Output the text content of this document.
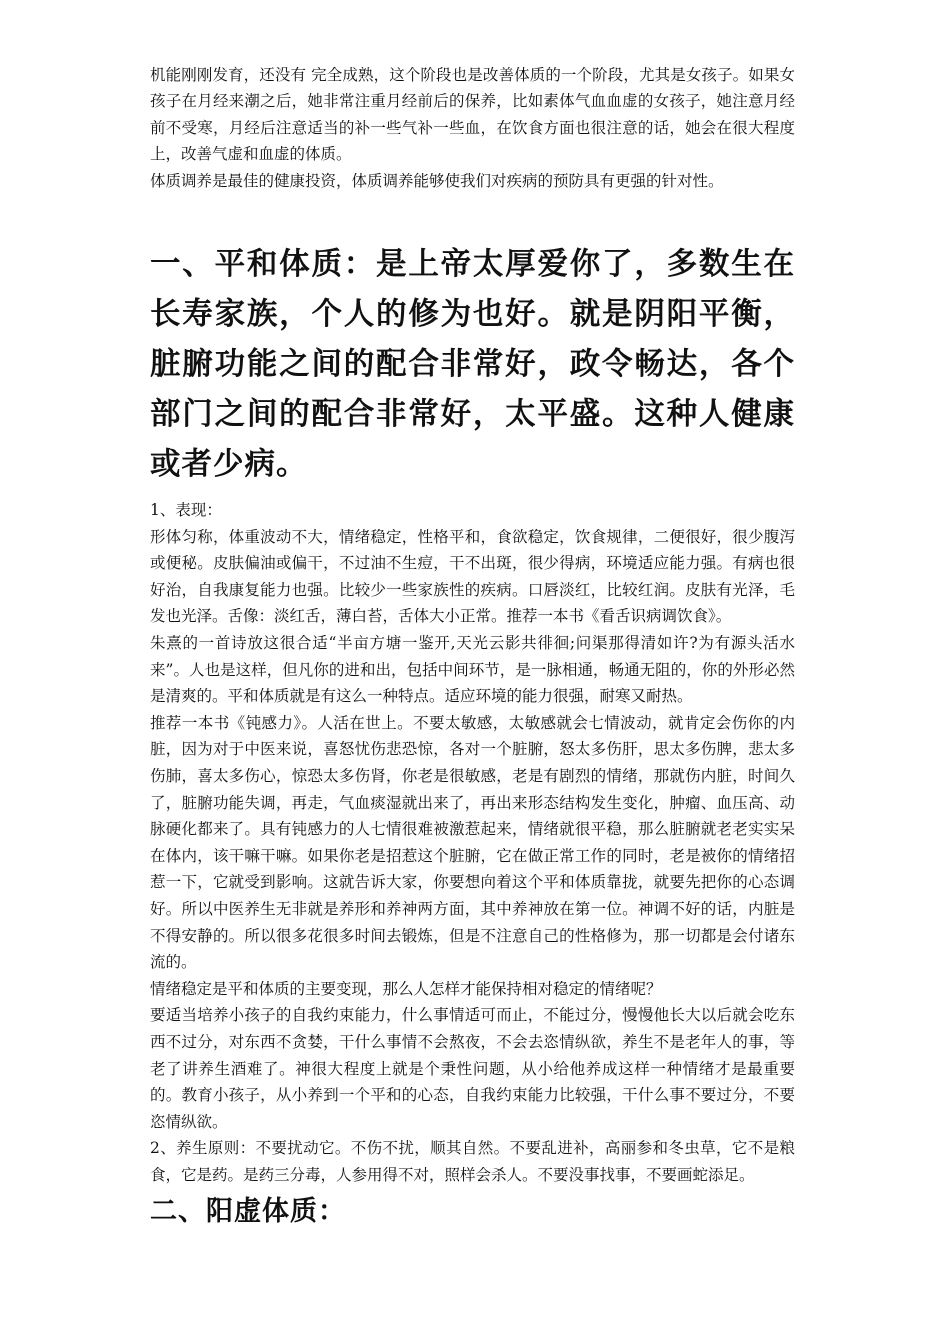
机能刚刚发育，还没有 完全成熟，这个阶段也是改善体质的一个阶段，尤其是女孩子。如果女孩子在月经来潮之后，她非常注重月经前后的保养，比如素体气血血虚的女孩子，她注意月经前不受寒，月经后注意适当的补一些气补一些血，在饮食方面也很注意的话，她会在很大程度上，改善气虚和血虚的体质。

体质调养是最佳的健康投资，体质调养能够使我们对疾病的预防具有更强的针对性。

一、平和体质：是上帝太厚爱你了，多数生在长寿家族，个人的修为也好。就是阴阳平衡，脏腑功能之间的配合非常好，政令畅达，各个部门之间的配合非常好，太平盛。这种人健康或者少病。

1、表现：

形体匀称，体重波动不大，情绪稳定，性格平和，食欲稳定，饮食规律，二便很好，很少腹泻或便秘。皮肤偏油或偏干，不过油不生痘，干不出斑，很少得病，环境适应能力强。有病也很好治，自我康复能力也强。比较少一些家族性的疾病。口唇淡红，比较红润。皮肤有光泽，毛发也光泽。舌像：淡红舌，薄白苔，舌体大小正常。推荐一本书《看舌识病调饮食》。

朱熹的一首诗放这很合适“半亩方塘一鉴开,天光云影共徘徊;问渠那得清如许?为有源头活水来”。人也是这样，但凡你的进和出，包括中间环节，是一脉相通，畅通无阻的，你的外形必然是清爽的。平和体质就是有这么一种特点。适应环境的能力很强，耐寒又耐热。

推荐一本书《钝感力》。人活在世上。不要太敏感，太敏感就会七情波动，就肯定会伤你的内脏，因为对于中医来说，喜怒忧伤悲恐惊，各对一个脏腑，怒太多伤肝，思太多伤脾，悲太多伤肺，喜太多伤心，惊恐太多伤肾，你老是很敏感，老是有剧烈的情绪，那就伤内脏，时间久了，脏腑功能失调，再走，气血痰湿就出来了，再出来形态结构发生变化，肿瘤、血压高、动脉硬化都来了。具有钝感力的人七情很难被激惹起来，情绪就很平稳，那么脏腑就老老实实呆在体内，该干嘛干嘛。如果你老是招惹这个脏腑，它在做正常工作的同时，老是被你的情绪招惹一下，它就受到影响。这就告诉大家，你要想向着这个平和体质靠拢，就要先把你的心态调好。所以中医养生无非就是养形和养神两方面，其中养神放在第一位。神调不好的话，内脏是不得安静的。所以很多花很多时间去锻炼，但是不注意自己的性格修为，那一切都是会付诸东流的。

情绪稳定是平和体质的主要变现，那么人怎样才能保持相对稳定的情绪呢？

要适当培养小孩子的自我约束能力，什么事情适可而止，不能过分，慢慢他长大以后就会吃东西不过分，对东西不贪婪，干什么事情不会熬夜，不会去恣情纵欲，养生不是老年人的事，等老了讲养生酒难了。神很大程度上就是个秉性问题，从小给他养成这样一种情绪才是最重要的。教育小孩子，从小养到一个平和的心态，自我约束能力比较强，干什么事不要过分，不要恣情纵欲。

2、养生原则：不要扰动它。不伤不扰，顺其自然。不要乱进补，高丽参和冬虫草，它不是粮食，它是药。是药三分毒，人参用得不对，照样会杀人。不要没事找事，不要画蛇添足。

二、阳虚体质：
